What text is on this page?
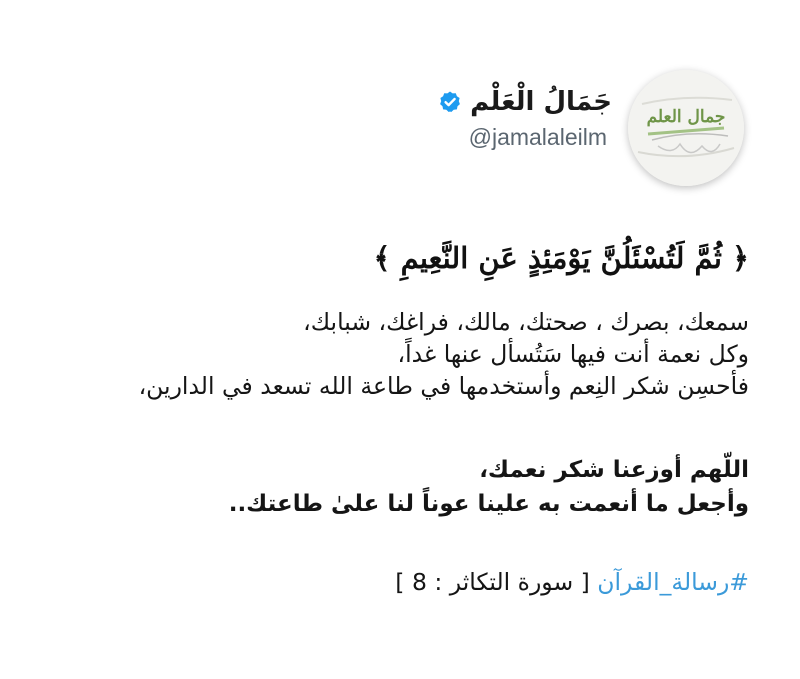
جمال العلم
جَمَالُ الْعَلْم
@jamalaleilm
﴿ ثُمَّ لَتُسْئَلُنَّ يَوْمَئِذٍ عَنِ النَّعِيمِ ﴾
سمعك، بصرك ، صحتك، مالك، فراغك، شبابك،
وكل نعمة أنت فيها سَتُسأل عنها غداً،
فأحسِن شكر النِعم وأستخدمها في طاعة الله تسعد في الدارين،
اللّهم أوزعنا شكر نعمك،
وأجعل ما أنعمت به علينا عوناً لنا علىٰ طاعتك..
#رسالة_القرآن [ سورة التكاثر : 8 ]
